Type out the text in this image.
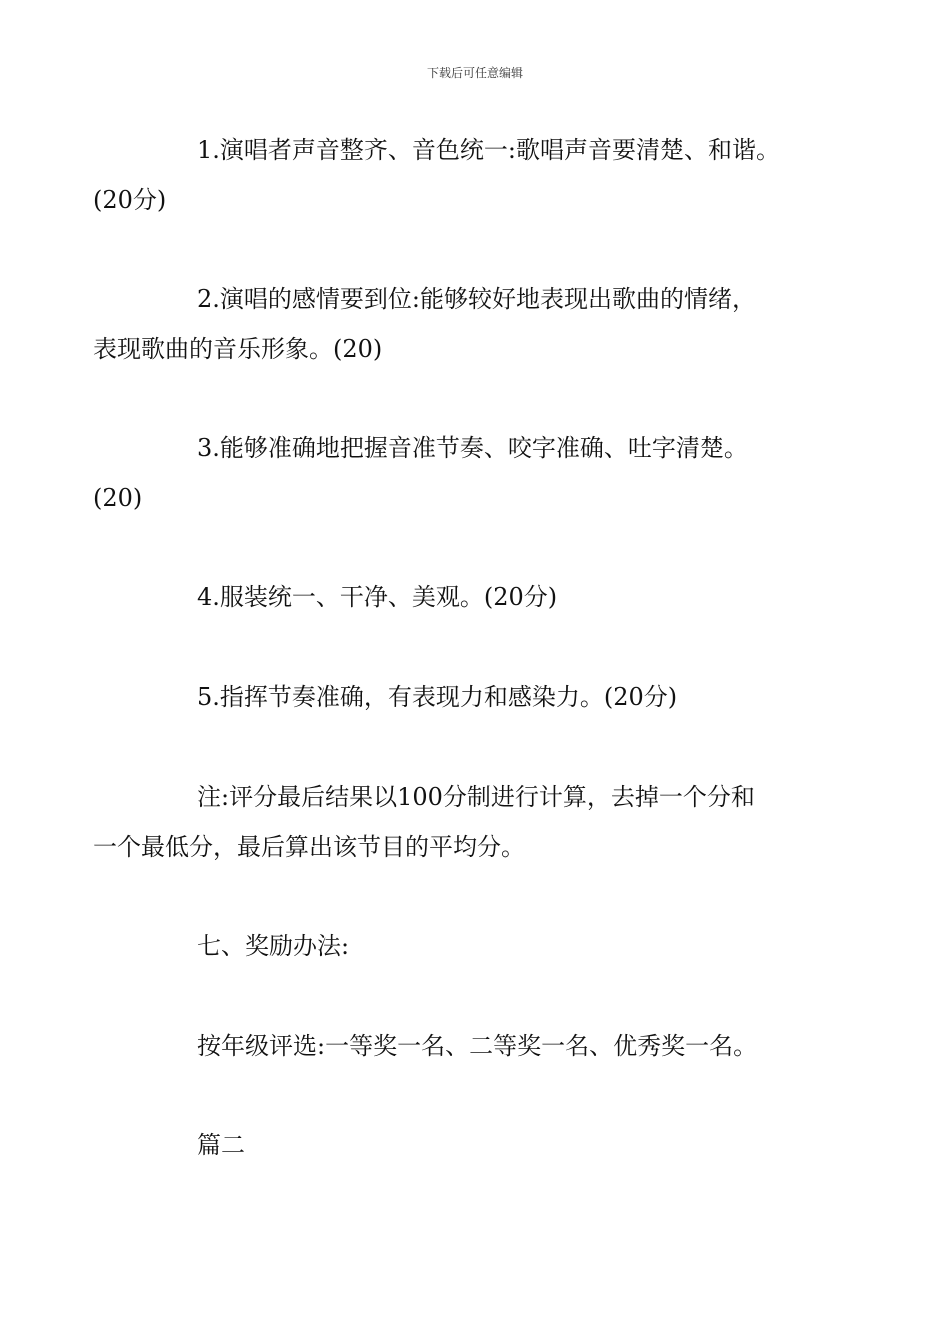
下载后可任意编辑
1.演唱者声音整齐、音色统一:歌唱声音要清楚、和谐。
(20分)
2.演唱的感情要到位:能够较好地表现出歌曲的情绪，
表现歌曲的音乐形象。(20)
3.能够准确地把握音准节奏、咬字准确、吐字清楚。
(20)
4.服装统一、干净、美观。(20分)
5.指挥节奏准确，有表现力和感染力。(20分)
注:评分最后结果以100分制进行计算，去掉一个分和
一个最低分，最后算出该节目的平均分。
七、奖励办法:
按年级评选:一等奖一名、二等奖一名、优秀奖一名。
篇二
